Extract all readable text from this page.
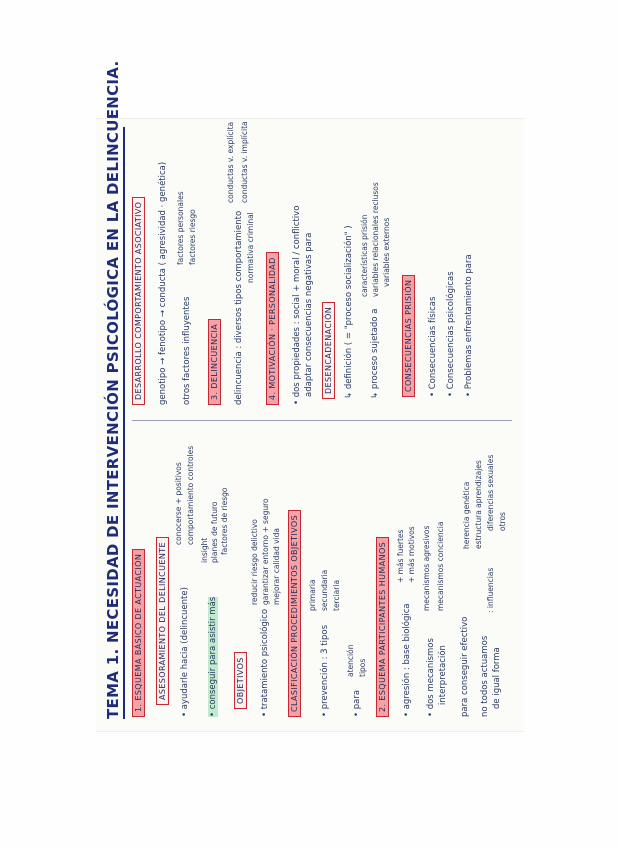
TEMA 1. NECESIDAD DE INTERVENCIÓN PSICOLÓGICA EN LA DELINCUENCIA. 1. ESQUEMA BÁSICO DE ACTUACIÓN ASESORAMIENTO DEL DELINCUENTE • ayudarle hacia (delincuente)
conocerse + positivos comportamiento controles
• conseguir para asistir más
insight planes de futuro factores de riesgo
OBJETIVOS • tratamiento psicológico
reducir riesgo delictivo garantizar entorno + seguro mejorar calidad vida CLASIFICACIÓN PROCEDIMIENTOS OBJETIVOS • prevención : 3 tipos
primaria secundaria terciaria
• para
atención tipos 2. ESQUEMA PARTICIPANTES HUMANOS • agresión : base biológica
+ más fuertes + más motivos
• dos mecanismos interpretación
mecanismos agresivos mecanismos conciencia
para conseguir efectivo no todos actuamos de igual forma
: influencias
herencia genética estructura aprendizajes diferencias sexuales otros
DESARROLLO COMPORTAMIENTO ASOCIATIVO genotipo → fenotipo → conducta ( agresividad · genética) otros factores influyentes
factores personales factores riesgo
3. DELINCUENCIA delincuencia : diversos tipos comportamiento
conductas v. explícita conductas v. implícita
normativa criminal
4. MOTIVACIÓN · PERSONALIDAD • dos propiedades : social + moral / conflictivo adaptar consecuencias negativas para DESENCADENACIÓN ↳ definición ( = "proceso socialización" ) ↳ proceso sujetado a
características prisión variables relacionales reclusos variables externos
CONSECUENCIAS PRISIÓN • Consecuencias físicas • Consecuencias psicológicas • Problemas enfrentamiento para
